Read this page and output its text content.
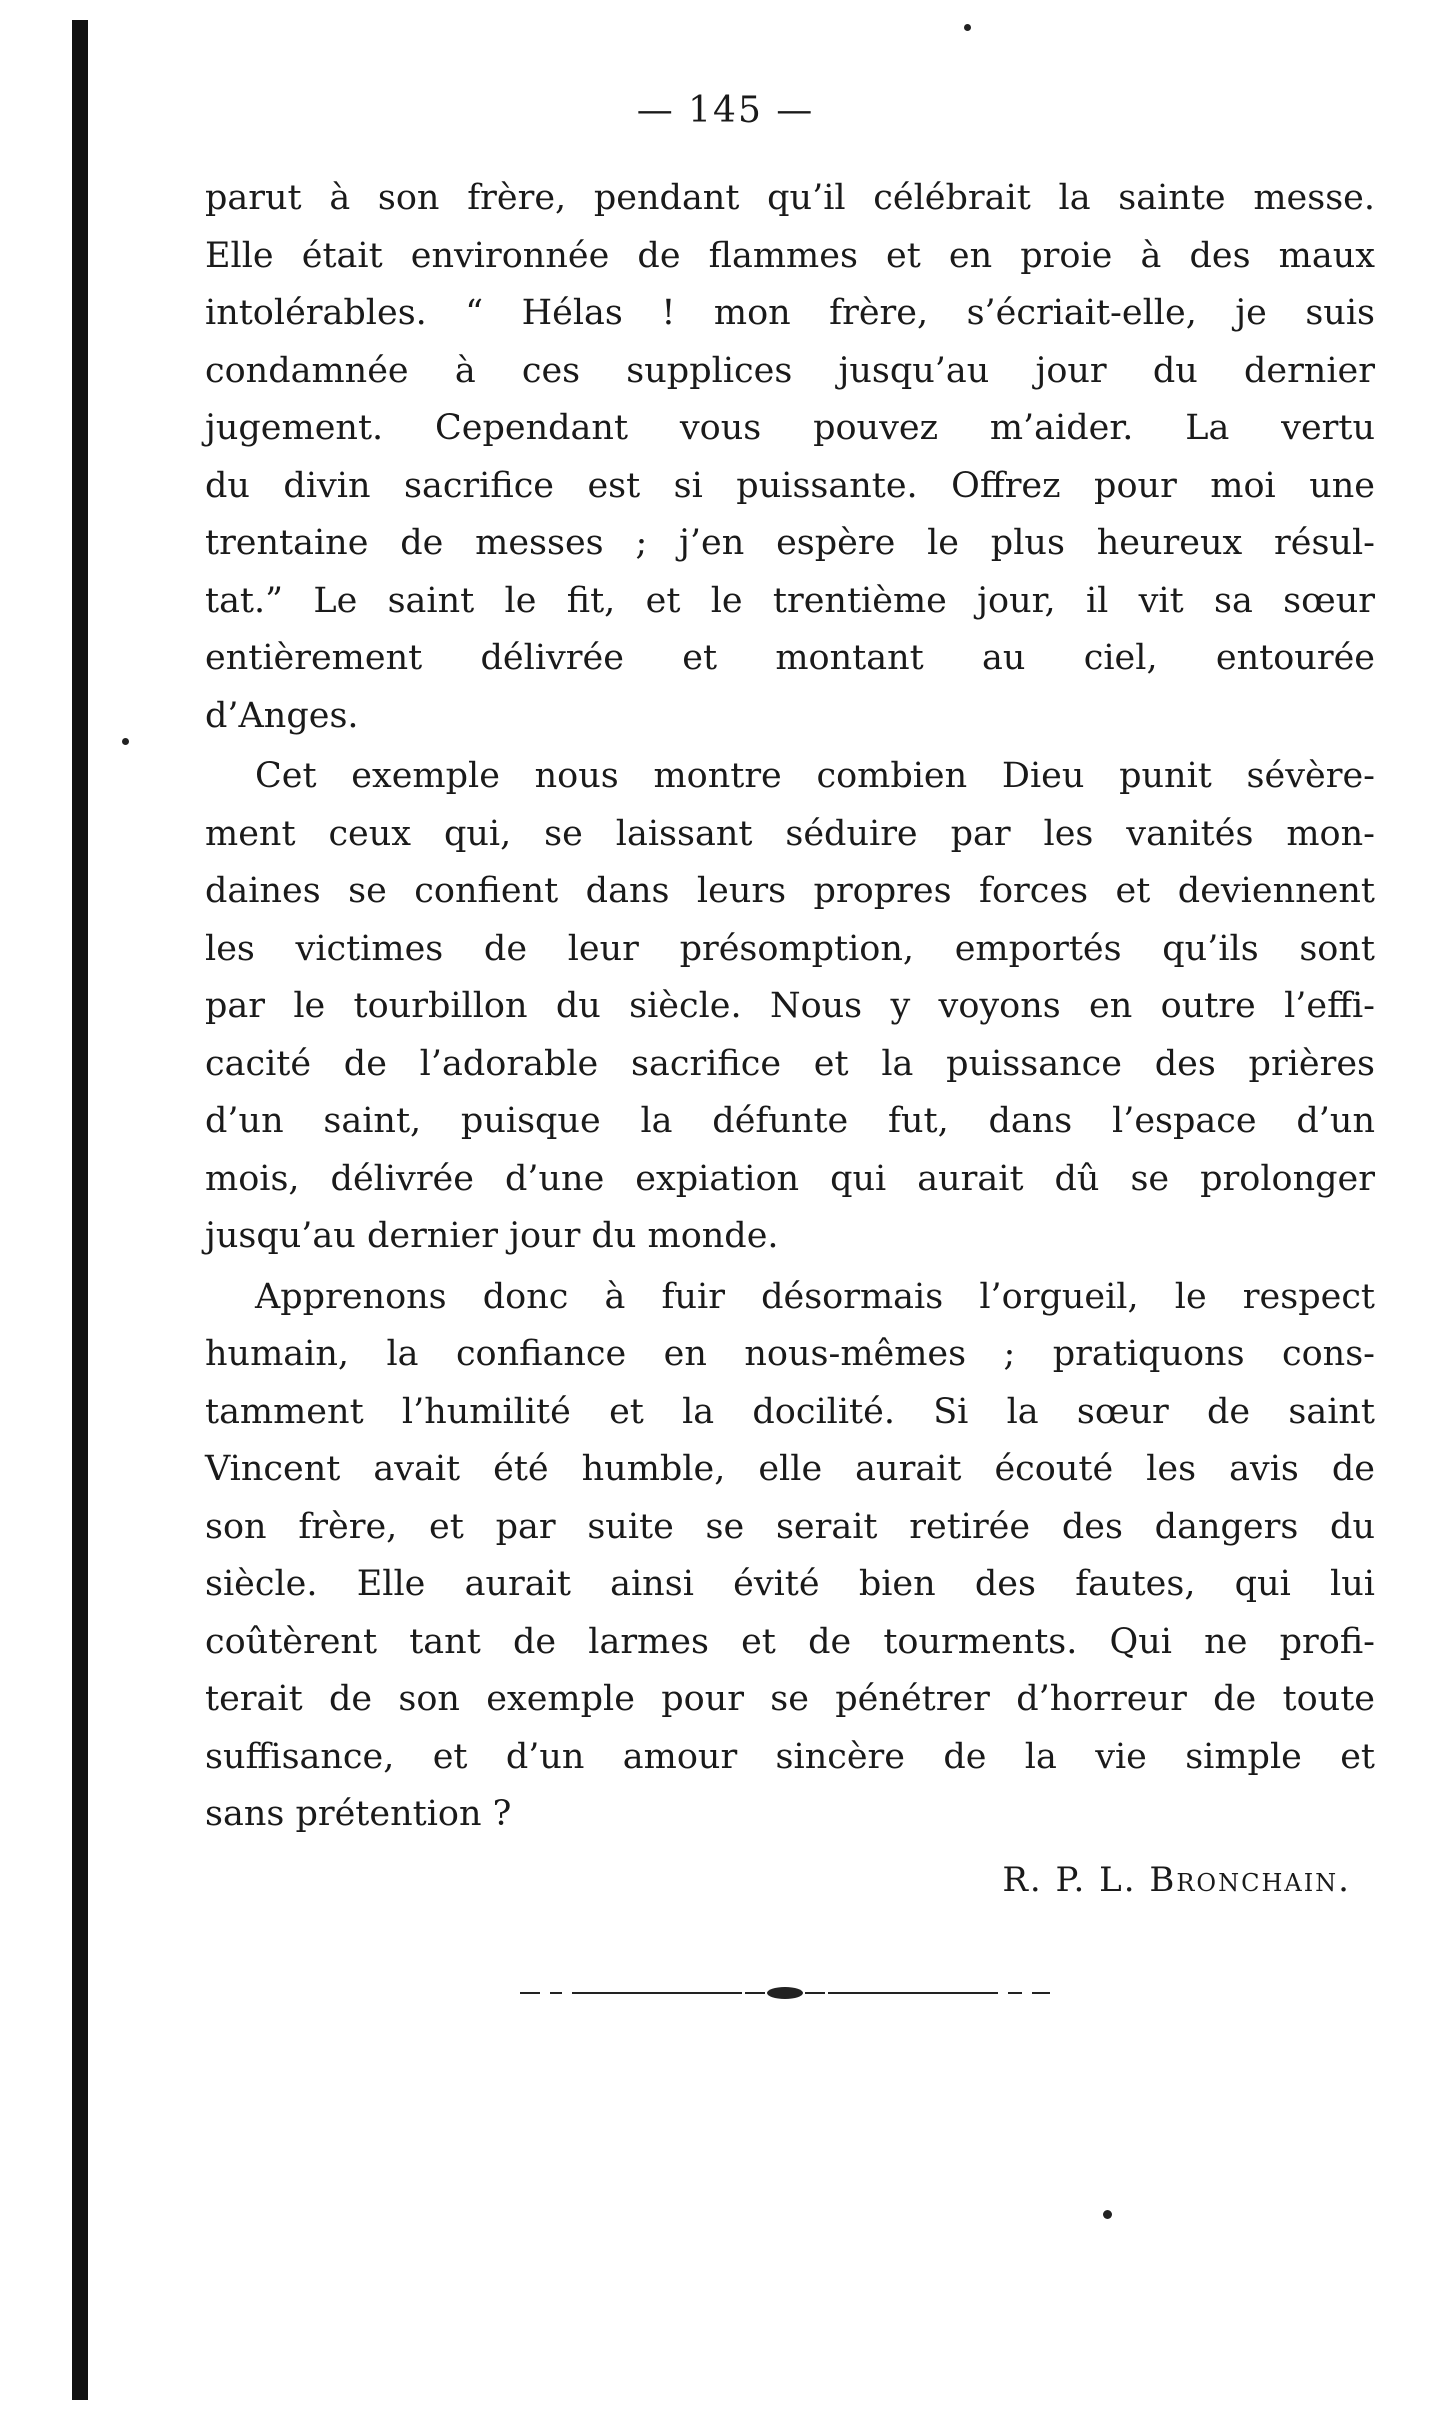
— 145 —
parut à son frère, pendant qu’il célébrait la sainte messe.
Elle était environnée de flammes et en proie à des maux
intolérables. “ Hélas ! mon frère, s’écriait-elle, je suis
condamnée à ces supplices jusqu’au jour du dernier
jugement. Cependant vous pouvez m’aider. La vertu
du divin sacrifice est si puissante. Offrez pour moi une
trentaine de messes ; j’en espère le plus heureux résul-
tat.” Le saint le fit, et le trentième jour, il vit sa sœur
entièrement délivrée et montant au ciel, entourée
d’Anges.
Cet exemple nous montre combien Dieu punit sévère-
ment ceux qui, se laissant séduire par les vanités mon-
daines se confient dans leurs propres forces et deviennent
les victimes de leur présomption, emportés qu’ils sont
par le tourbillon du siècle. Nous y voyons en outre l’effi-
cacité de l’adorable sacrifice et la puissance des prières
d’un saint, puisque la défunte fut, dans l’espace d’un
mois, délivrée d’une expiation qui aurait dû se prolonger
jusqu’au dernier jour du monde.
Apprenons donc à fuir désormais l’orgueil, le respect
humain, la confiance en nous-mêmes ; pratiquons cons-
tamment l’humilité et la docilité. Si la sœur de saint
Vincent avait été humble, elle aurait écouté les avis de
son frère, et par suite se serait retirée des dangers du
siècle. Elle aurait ainsi évité bien des fautes, qui lui
coûtèrent tant de larmes et de tourments. Qui ne profi-
terait de son exemple pour se pénétrer d’horreur de toute
suffisance, et d’un amour sincère de la vie simple et
sans prétention ?
R. P. L. Bronchain.
